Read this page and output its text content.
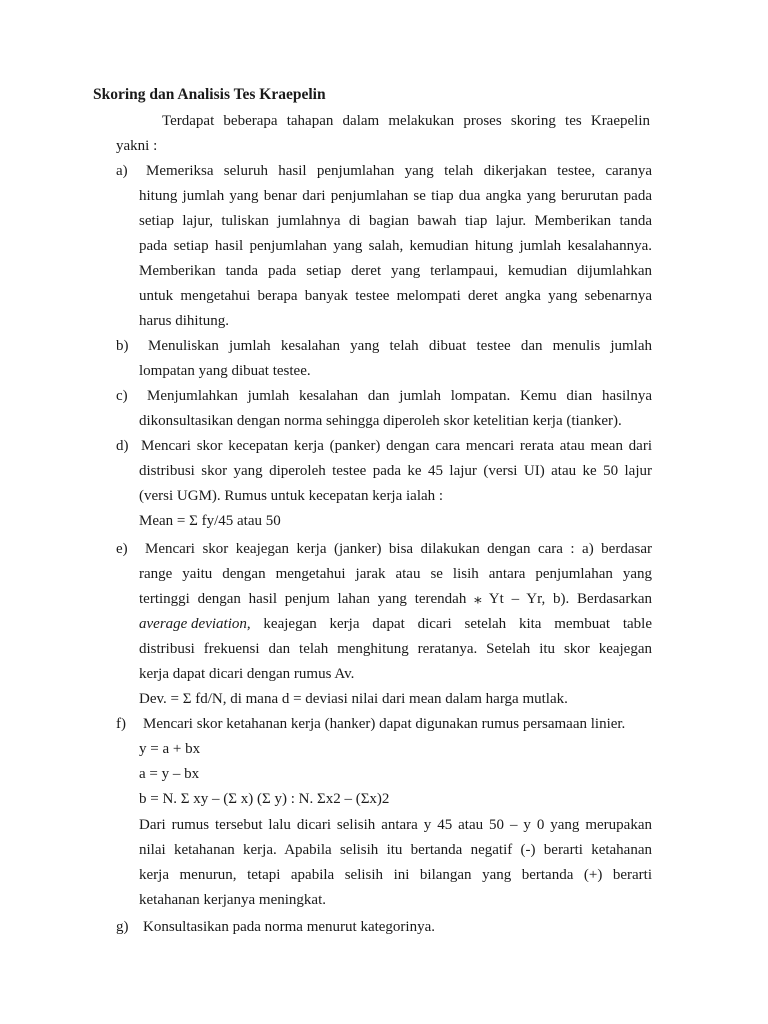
Skoring dan Analisis Tes Kraepelin
Terdapat beberapa tahapan dalam melakukan proses skoring tes Kraepelin
yakni :
a) Memeriksa seluruh hasil penjumlahan yang telah dikerjakan testee, caranya
hitung jumlah yang benar dari penjumlahan se tiap dua angka yang berurutan pada
setiap lajur, tuliskan jumlahnya di bagian bawah tiap lajur. Memberikan tanda
pada setiap hasil penjumlahan yang salah, kemudian hitung jumlah kesalahannya.
Memberikan tanda pada setiap deret yang terlampaui, kemudian dijumlahkan
untuk mengetahui berapa banyak testee melompati deret angka yang sebenarnya
harus dihitung.
b) Menuliskan jumlah kesalahan yang telah dibuat testee dan menulis jumlah
lompatan yang dibuat testee.
c) Menjumlahkan jumlah kesalahan dan jumlah lompatan. Kemu dian hasilnya
dikonsultasikan dengan norma sehingga diperoleh skor ketelitian kerja (tianker).
d) Mencari skor kecepatan kerja (panker) dengan cara mencari rerata atau mean dari
distribusi skor yang diperoleh testee pada ke 45 lajur (versi UI) atau ke 50 lajur
(versi UGM). Rumus untuk kecepatan kerja ialah :
Mean = Σ fy/45 atau 50
e) Mencari skor keajegan kerja (janker) bisa dilakukan dengan cara : a) berdasar
range yaitu dengan mengetahui jarak atau se lisih antara penjumlahan yang
tertinggi dengan hasil penjum lahan yang terendah ⁎ Yt – Yr, b). Berdasarkan
average deviation , keajegan kerja dapat dicari setelah kita membuat table
distribusi frekuensi dan telah menghitung reratanya. Setelah itu skor keajegan
kerja dapat dicari dengan rumus Av.
Dev. = Σ fd/N, di mana d = deviasi nilai dari mean dalam harga mutlak.
f) Mencari skor ketahanan kerja (hanker) dapat digunakan rumus persamaan linier.
y = a + bx
a = y – bx
b = N. Σ xy – (Σ x) (Σ y) : N. Σx2 – (Σx)2
Dari rumus tersebut lalu dicari selisih antara y 45 atau 50 – y 0 yang merupakan
nilai ketahanan kerja. Apabila selisih itu bertanda negatif (-) berarti ketahanan
kerja menurun, tetapi apabila selisih ini bilangan yang bertanda (+) berarti
ketahanan kerjanya meningkat.
g) Konsultasikan pada norma menurut kategorinya.
